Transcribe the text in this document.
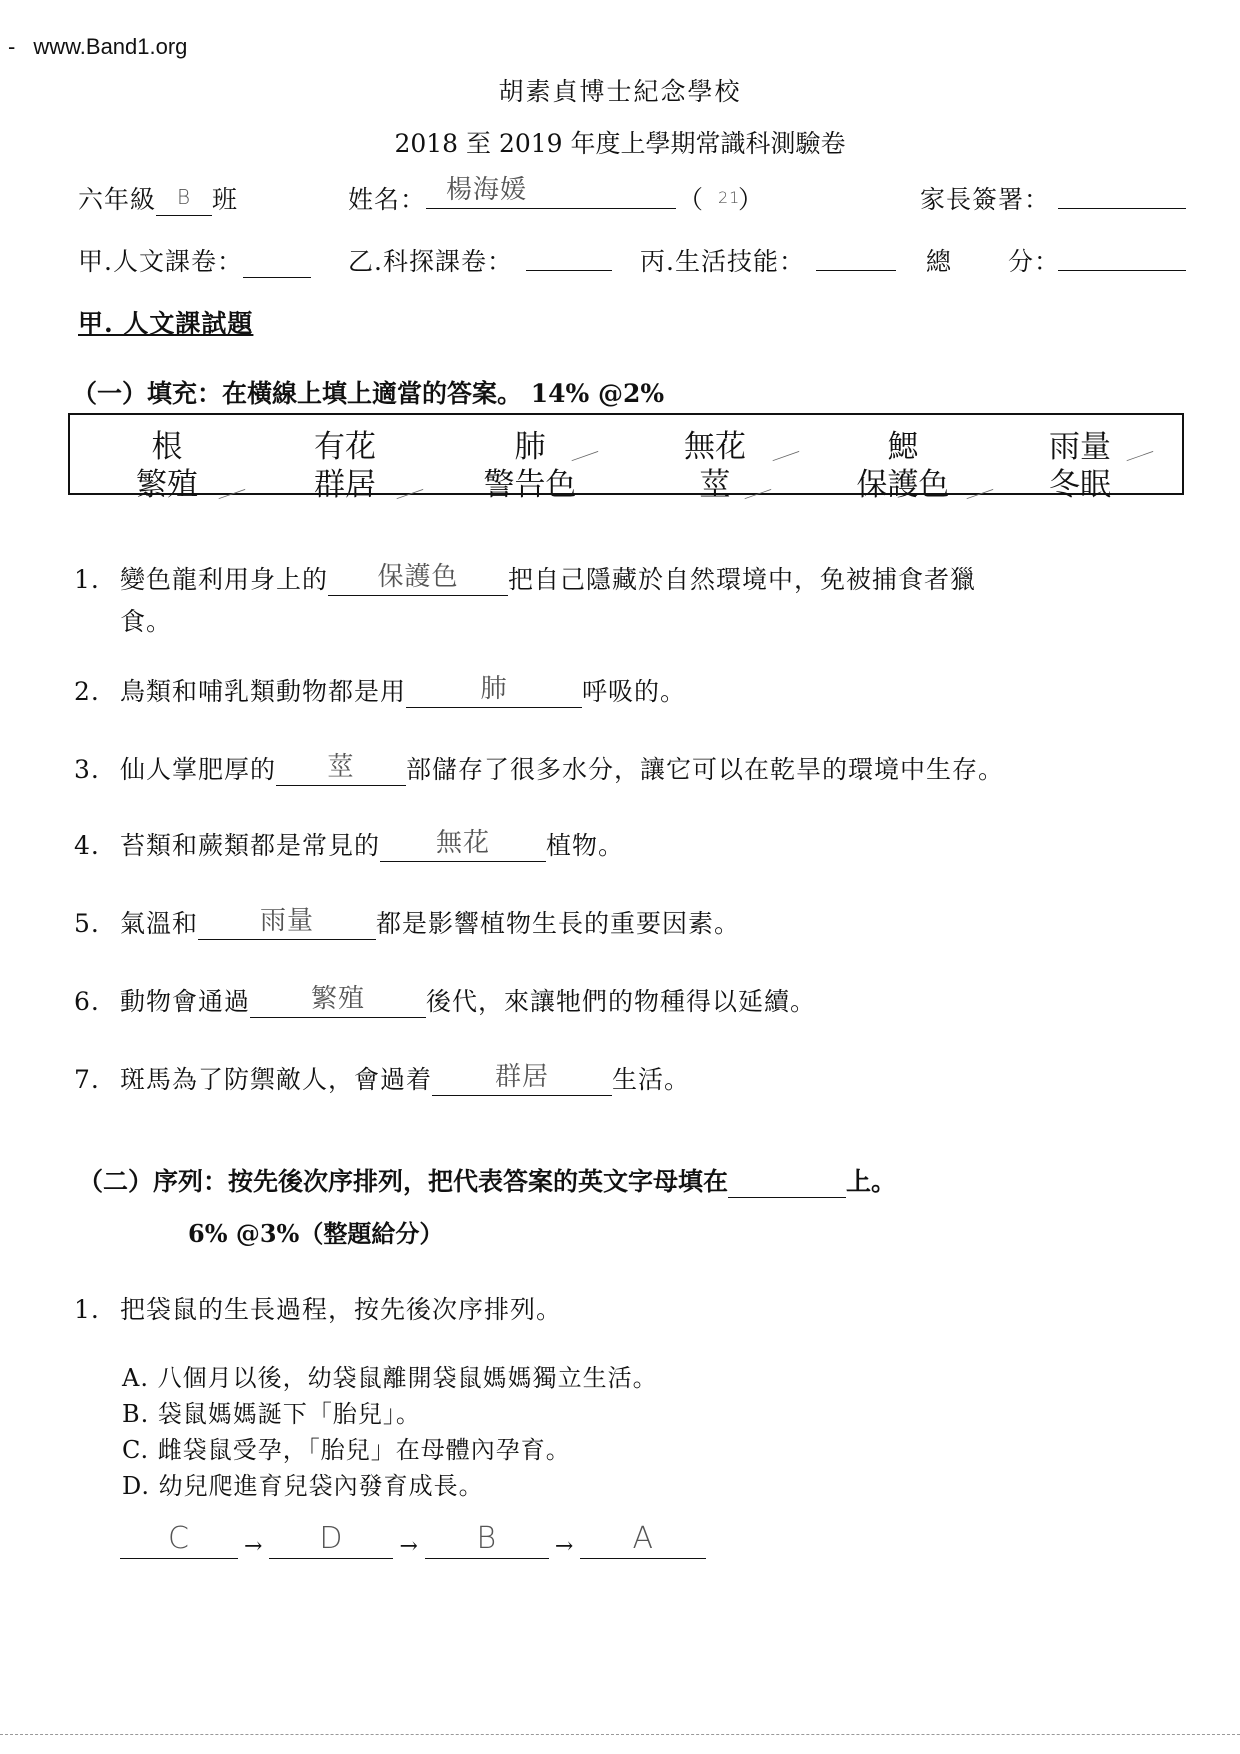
- www.Band1.org
胡素貞博士紀念學校
2018 至 2019 年度上學期常識科測驗卷
六年級	B 班	姓名： 楊海媛	（ 21
）	家長簽署：
甲.人文課卷：	乙.科探課卷：	丙.生活技能：	總 分：
甲. 人文課試題
（一）填充：在橫線上填上適當的答案。 14% @2%
根	有花	肺	無花	鰓	雨量
繁殖	群居	警告色	莖	保護色	冬眠
1. 變色龍利用身上的	保護色	把自己隱藏於自然環境中，免被捕食者獵
食。
2. 鳥類和哺乳類動物都是用	肺	呼吸的。
3. 仙人掌肥厚的	莖	部儲存了很多水分，讓它可以在乾旱的環境中生存。
4. 苔類和蕨類都是常見的	無花	植物。
5. 氣溫和	雨量	都是影響植物生長的重要因素。
6. 動物會通過	繁殖	後代，來讓牠們的物種得以延續。
7. 斑馬為了防禦敵人，會過着	群居	生活。
（二）序列：按先後次序排列，把代表答案的英文字母填在	上。
6% @3%（整題給分）
1. 把袋鼠的生長過程，按先後次序排列。
A. 八個月以後，幼袋鼠離開袋鼠媽媽獨立生活。
B. 袋鼠媽媽誕下「胎兒」。
C. 雌袋鼠受孕，「胎兒」在母體內孕育。
D. 幼兒爬進育兒袋內發育成長。
C	→	D	→	B	→	A
